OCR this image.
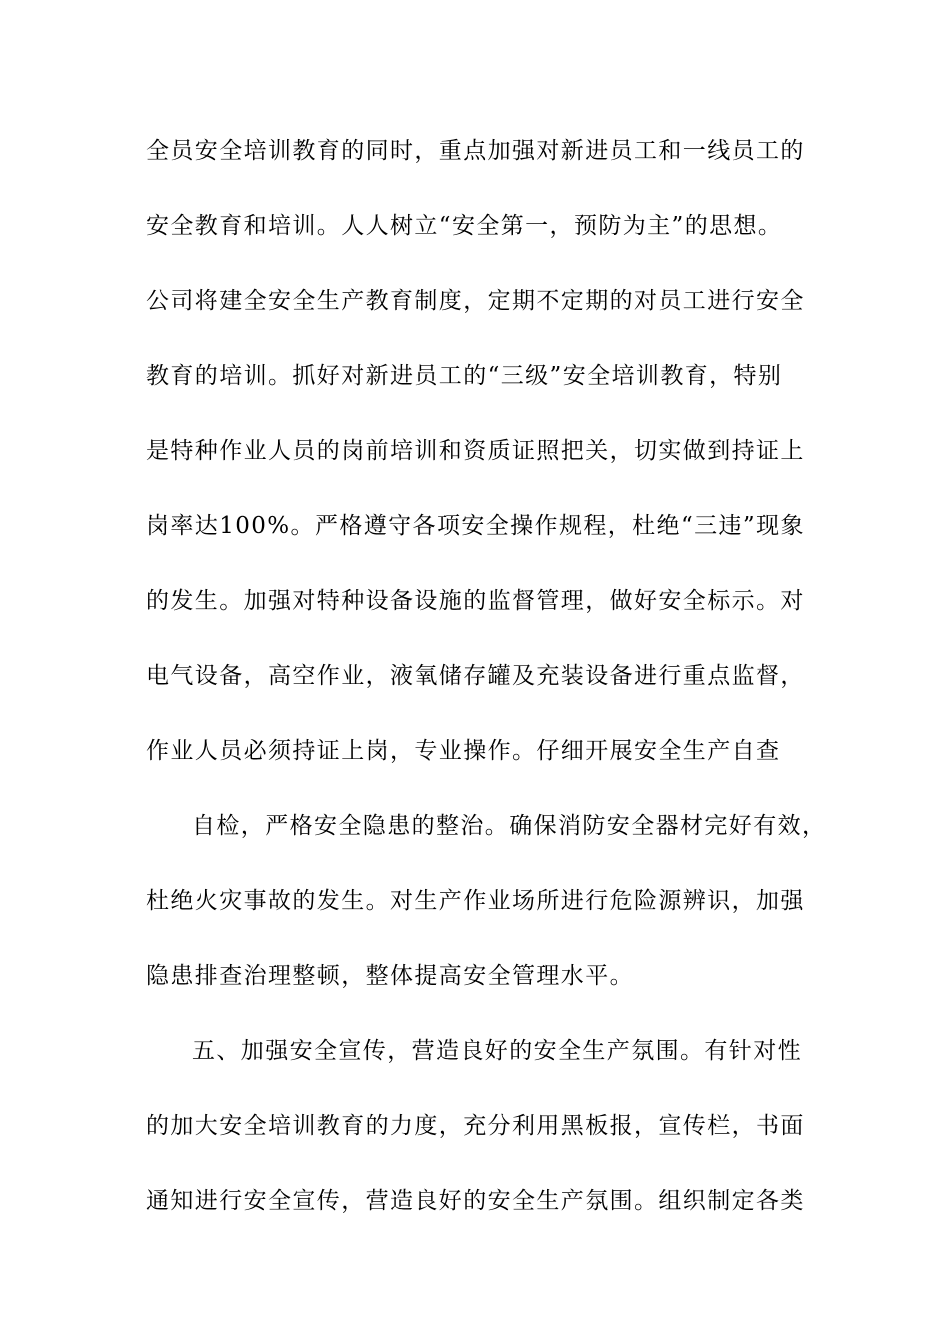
全员安全培训教育的同时，重点加强对新进员工和一线员工的
安全教育和培训。人人树立“安全第一，预防为主”的思想。
公司将建全安全生产教育制度，定期不定期的对员工进行安全
教育的培训。抓好对新进员工的“三级”安全培训教育，特别
是特种作业人员的岗前培训和资质证照把关，切实做到持证上
岗率达100%。严格遵守各项安全操作规程，杜绝“三违”现象
的发生。加强对特种设备设施的监督管理，做好安全标示。对
电气设备，高空作业，液氧储存罐及充装设备进行重点监督，
作业人员必须持证上岗，专业操作。仔细开展安全生产自查
自检，严格安全隐患的整治。确保消防安全器材完好有效，
杜绝火灾事故的发生。对生产作业场所进行危险源辨识，加强
隐患排查治理整顿，整体提高安全管理水平。
五、加强安全宣传，营造良好的安全生产氛围。有针对性
的加大安全培训教育的力度，充分利用黑板报，宣传栏，书面
通知进行安全宣传，营造良好的安全生产氛围。组织制定各类
